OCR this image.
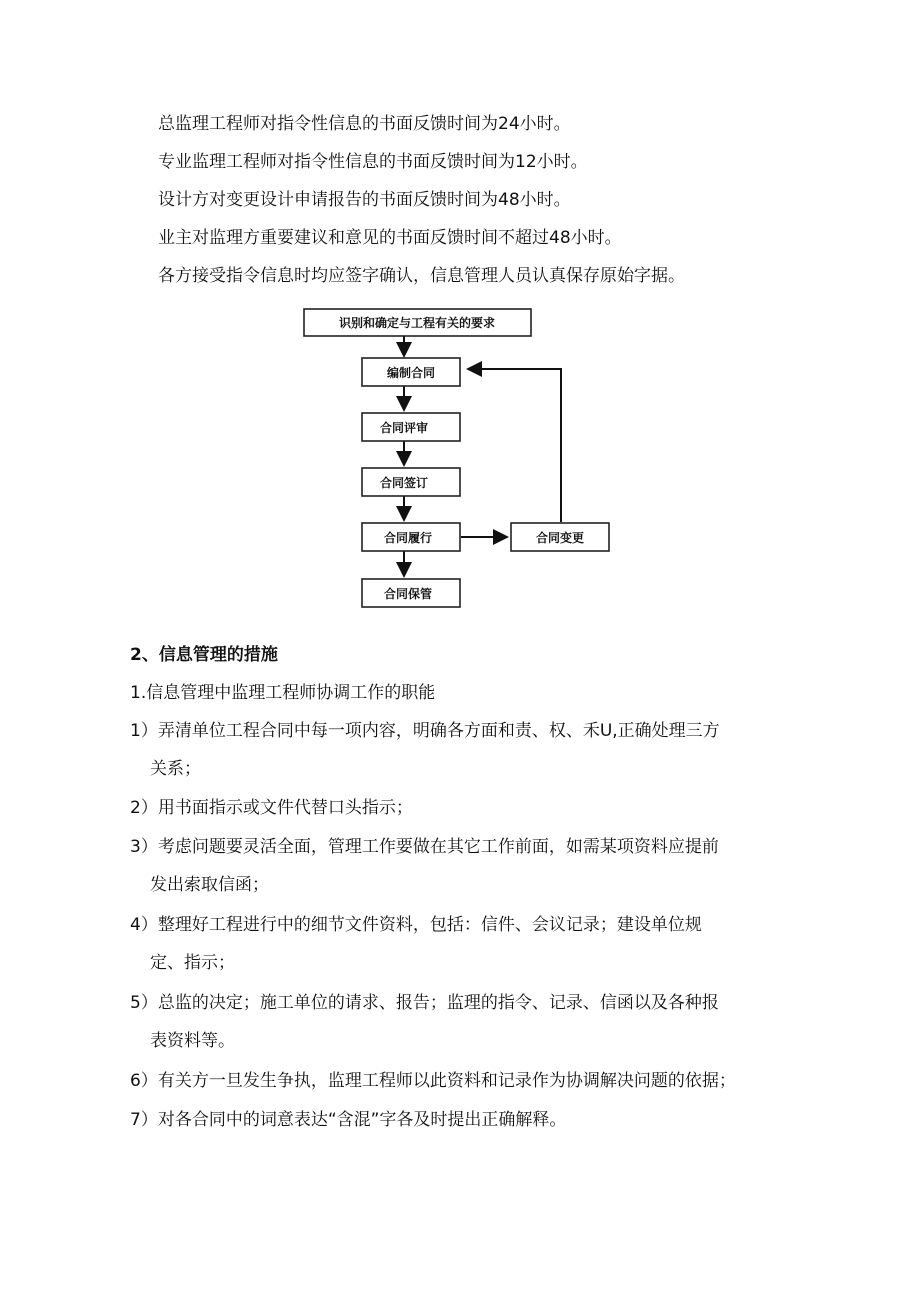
总监理工程师对指令性信息的书面反馈时间为24小时。
专业监理工程师对指令性信息的书面反馈时间为12小时。
设计方对变更设计申请报告的书面反馈时间为48小时。
业主对监理方重要建议和意见的书面反馈时间不超过48小时。
各方接受指令信息时均应签字确认，信息管理人员认真保存原始字据。
识别和确定与工程有关的要求
编制合同
合同评审
合同签订
合同履行	合同变更
合同保管
2、信息管理的措施
1.信息管理中监理工程师协调工作的职能
1）弄清单位工程合同中每一项内容，明确各方面和责、权、禾U,正确处理三方
关系；
2）用书面指示或文件代替口头指示；
3）考虑问题要灵活全面，管理工作要做在其它工作前面，如需某项资料应提前
发出索取信函；
4）整理好工程进行中的细节文件资料，包括：信件、会议记录；建设单位规
定、指示；
5）总监的决定；施工单位的请求、报告；监理的指令、记录、信函以及各种报
表资料等。
6）有关方一旦发生争执，监理工程师以此资料和记录作为协调解决问题的依据；
7）对各合同中的词意表达“含混”字各及时提出正确解释。
